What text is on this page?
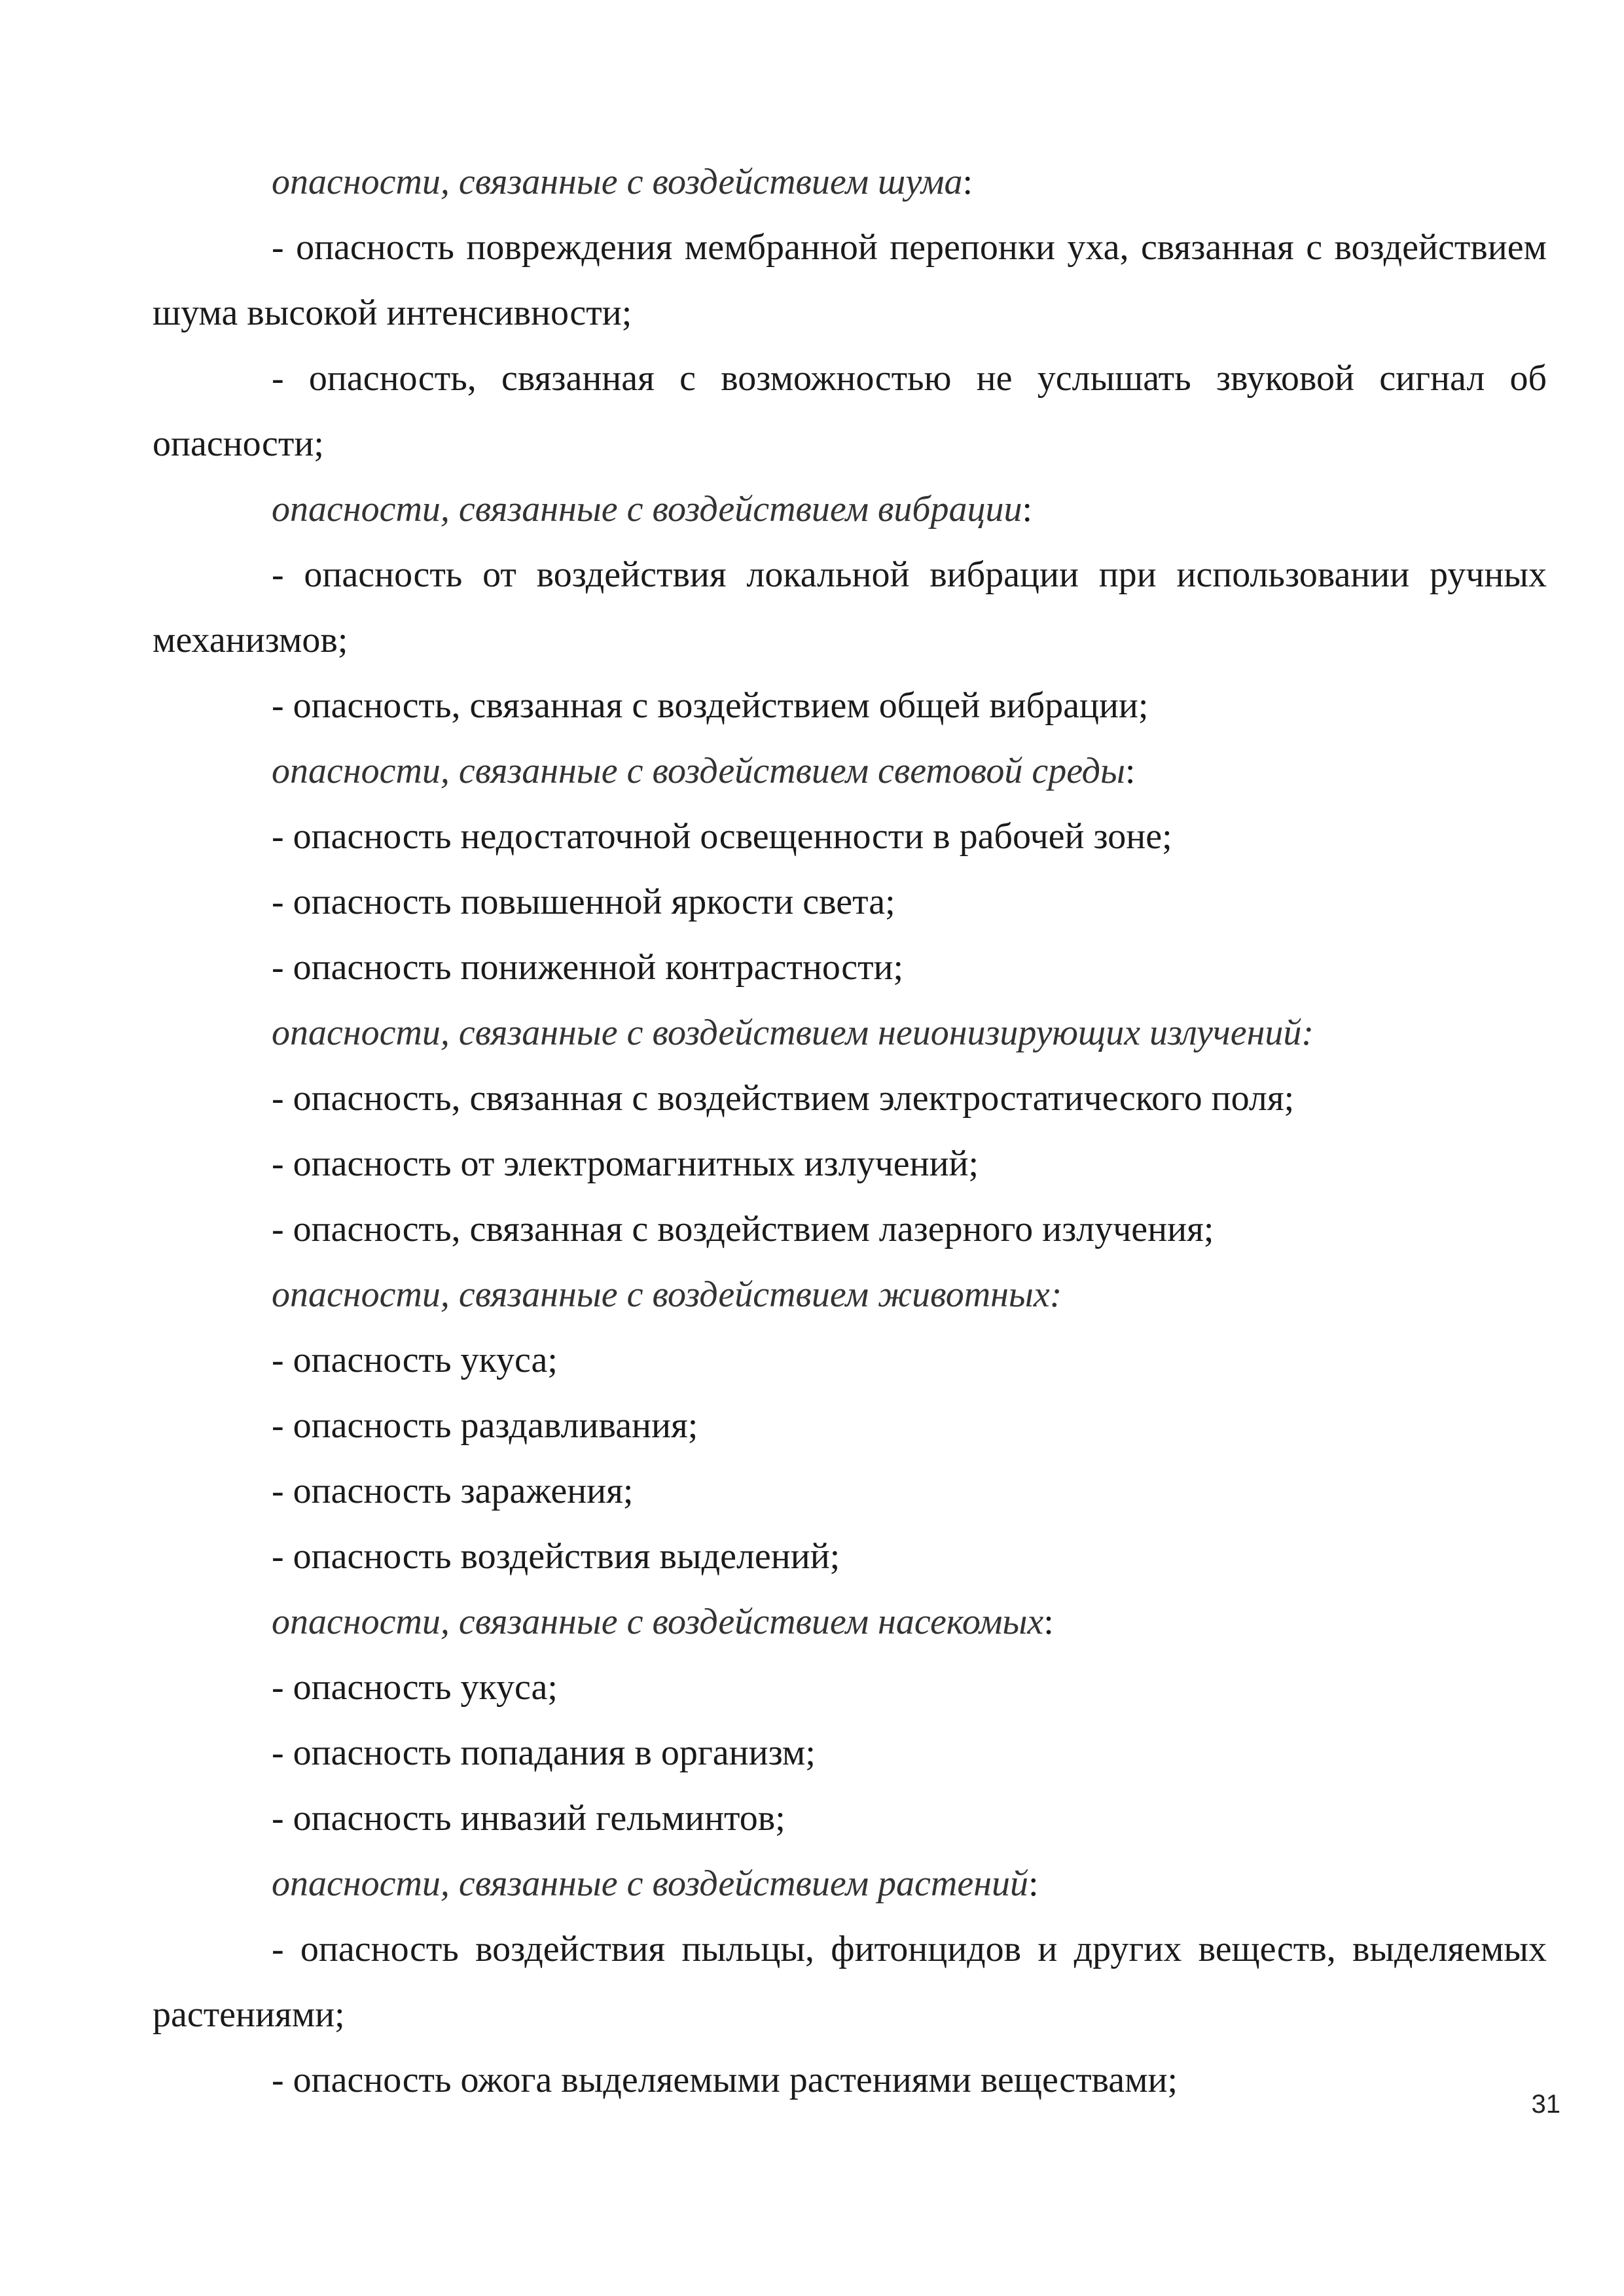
опасности, связанные с воздействием шума:

- опасность повреждения мембранной перепонки уха, связанная с воздействием шума высокой интенсивности;

- опасность, связанная с возможностью не услышать звуковой сигнал об опасности;

опасности, связанные с воздействием вибрации:

- опасность от воздействия локальной вибрации при использовании ручных механизмов;

- опасность, связанная с воздействием общей вибрации;

опасности, связанные с воздействием световой среды:

- опасность недостаточной освещенности в рабочей зоне;

- опасность повышенной яркости света;

- опасность пониженной контрастности;

опасности, связанные с воздействием неионизирующих излучений:

- опасность, связанная с воздействием электростатического поля;

- опасность от электромагнитных излучений;

- опасность, связанная с воздействием лазерного излучения;

опасности, связанные с воздействием животных:

- опасность укуса;

- опасность раздавливания;

- опасность заражения;

- опасность воздействия выделений;

опасности, связанные с воздействием насекомых:

- опасность укуса;

- опасность попадания в организм;

- опасность инвазий гельминтов;

опасности, связанные с воздействием растений:

- опасность воздействия пыльцы, фитонцидов и других веществ, выделяемых растениями;

- опасность ожога выделяемыми растениями веществами;

31
